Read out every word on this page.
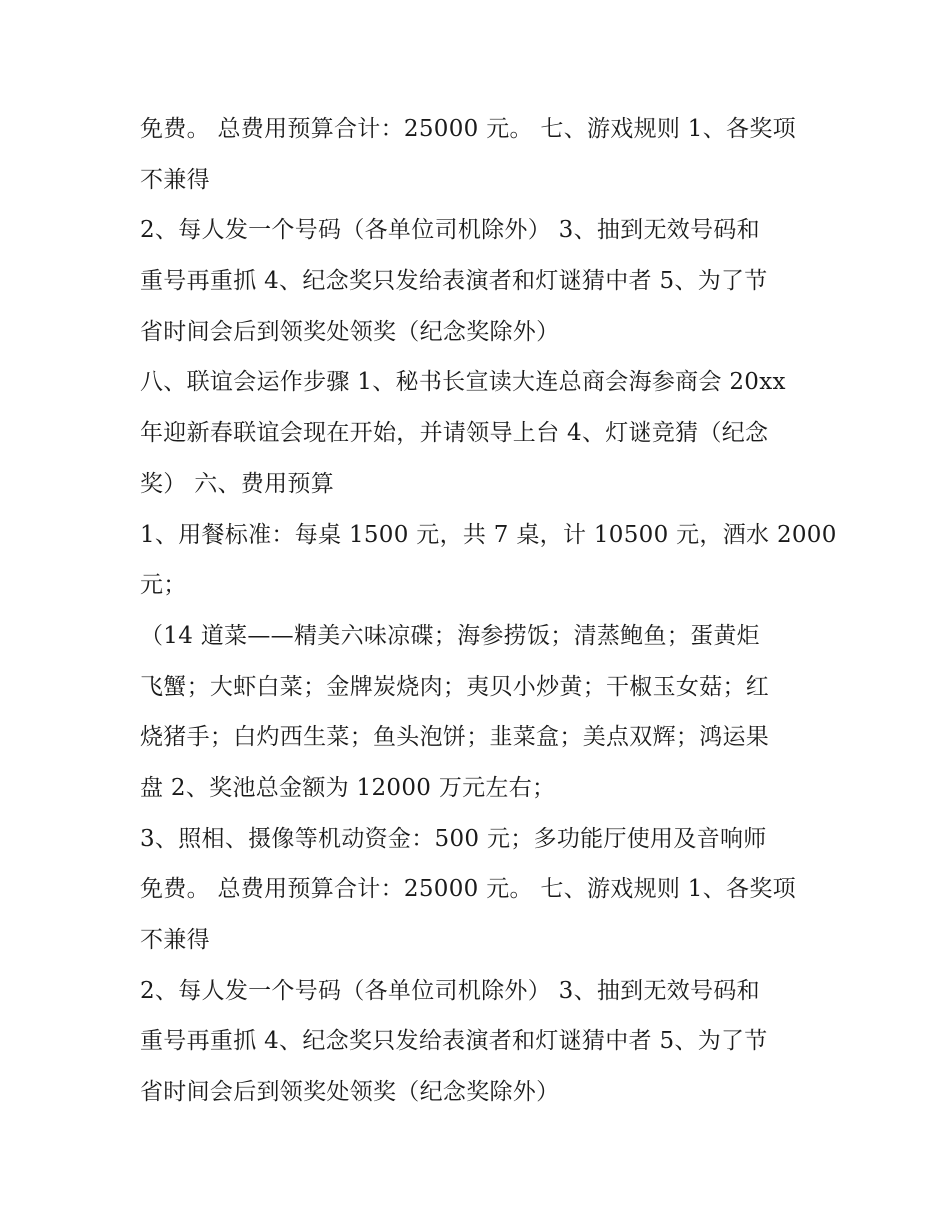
免费。 总费用预算合计：25000 元。 七、游戏规则 1、各奖项

不兼得

2、每人发一个号码（各单位司机除外） 3、抽到无效号码和

重号再重抓 4、纪念奖只发给表演者和灯谜猜中者 5、为了节

省时间会后到领奖处领奖（纪念奖除外）

八、联谊会运作步骤 1、秘书长宣读大连总商会海参商会 20xx

年迎新春联谊会现在开始，并请领导上台 4、灯谜竞猜（纪念

奖） 六、费用预算

1、用餐标准：每桌 1500 元，共 7 桌，计 10500 元，酒水 2000

元；

（14 道菜——精美六味凉碟；海参捞饭；清蒸鲍鱼；蛋黄炬

飞蟹；大虾白菜；金牌炭烧肉；夷贝小炒黄；干椒玉女菇；红

烧猪手；白灼西生菜；鱼头泡饼；韭菜盒；美点双辉；鸿运果

盘 2、奖池总金额为 12000 万元左右；

3、照相、摄像等机动资金：500 元；多功能厅使用及音响师

免费。 总费用预算合计：25000 元。 七、游戏规则 1、各奖项

不兼得

2、每人发一个号码（各单位司机除外） 3、抽到无效号码和

重号再重抓 4、纪念奖只发给表演者和灯谜猜中者 5、为了节

省时间会后到领奖处领奖（纪念奖除外）
